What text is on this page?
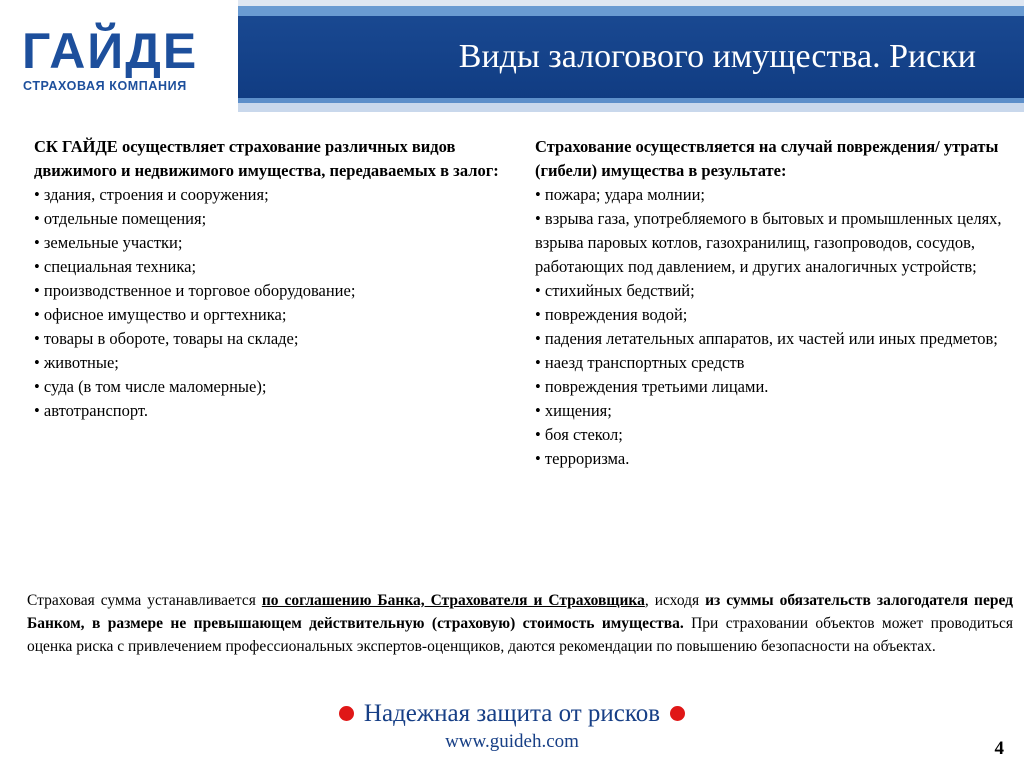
ГАЙДЕ
СТРАХОВАЯ КОМПАНИЯ
Виды залогового имущества. Риски
СК ГАЙДЕ осуществляет страхование различных видов движимого и недвижимого имущества, передаваемых в залог:
• здания, строения и сооружения;
• отдельные помещения;
• земельные участки;
• специальная техника;
• производственное и торговое оборудование;
• офисное имущество и оргтехника;
• товары в обороте, товары на складе;
• животные;
• суда (в том числе маломерные);
• автотранспорт.
Страхование осуществляется на случай повреждения/ утраты (гибели) имущества в результате:
• пожара; удара молнии;
• взрыва газа, употребляемого в бытовых и промышленных целях, взрыва паровых котлов, газохранилищ, газопроводов, сосудов, работающих под давлением, и других аналогичных устройств;
• стихийных бедствий;
• повреждения водой;
• падения летательных аппаратов, их частей или иных предметов;
• наезд транспортных средств
• повреждения третьими лицами.
• хищения;
• боя стекол;
• терроризма.
Страховая сумма устанавливается по соглашению Банка, Страхователя и Страховщика, исходя из суммы обязательств залогодателя перед Банком, в размере не превышающем действительную (страховую) стоимость имущества. При страховании объектов может проводиться оценка риска с привлечением профессиональных экспертов-оценщиков, даются рекомендации по повышению безопасности на объектах.
Надежная защита от рисков
www.guideh.com	4
